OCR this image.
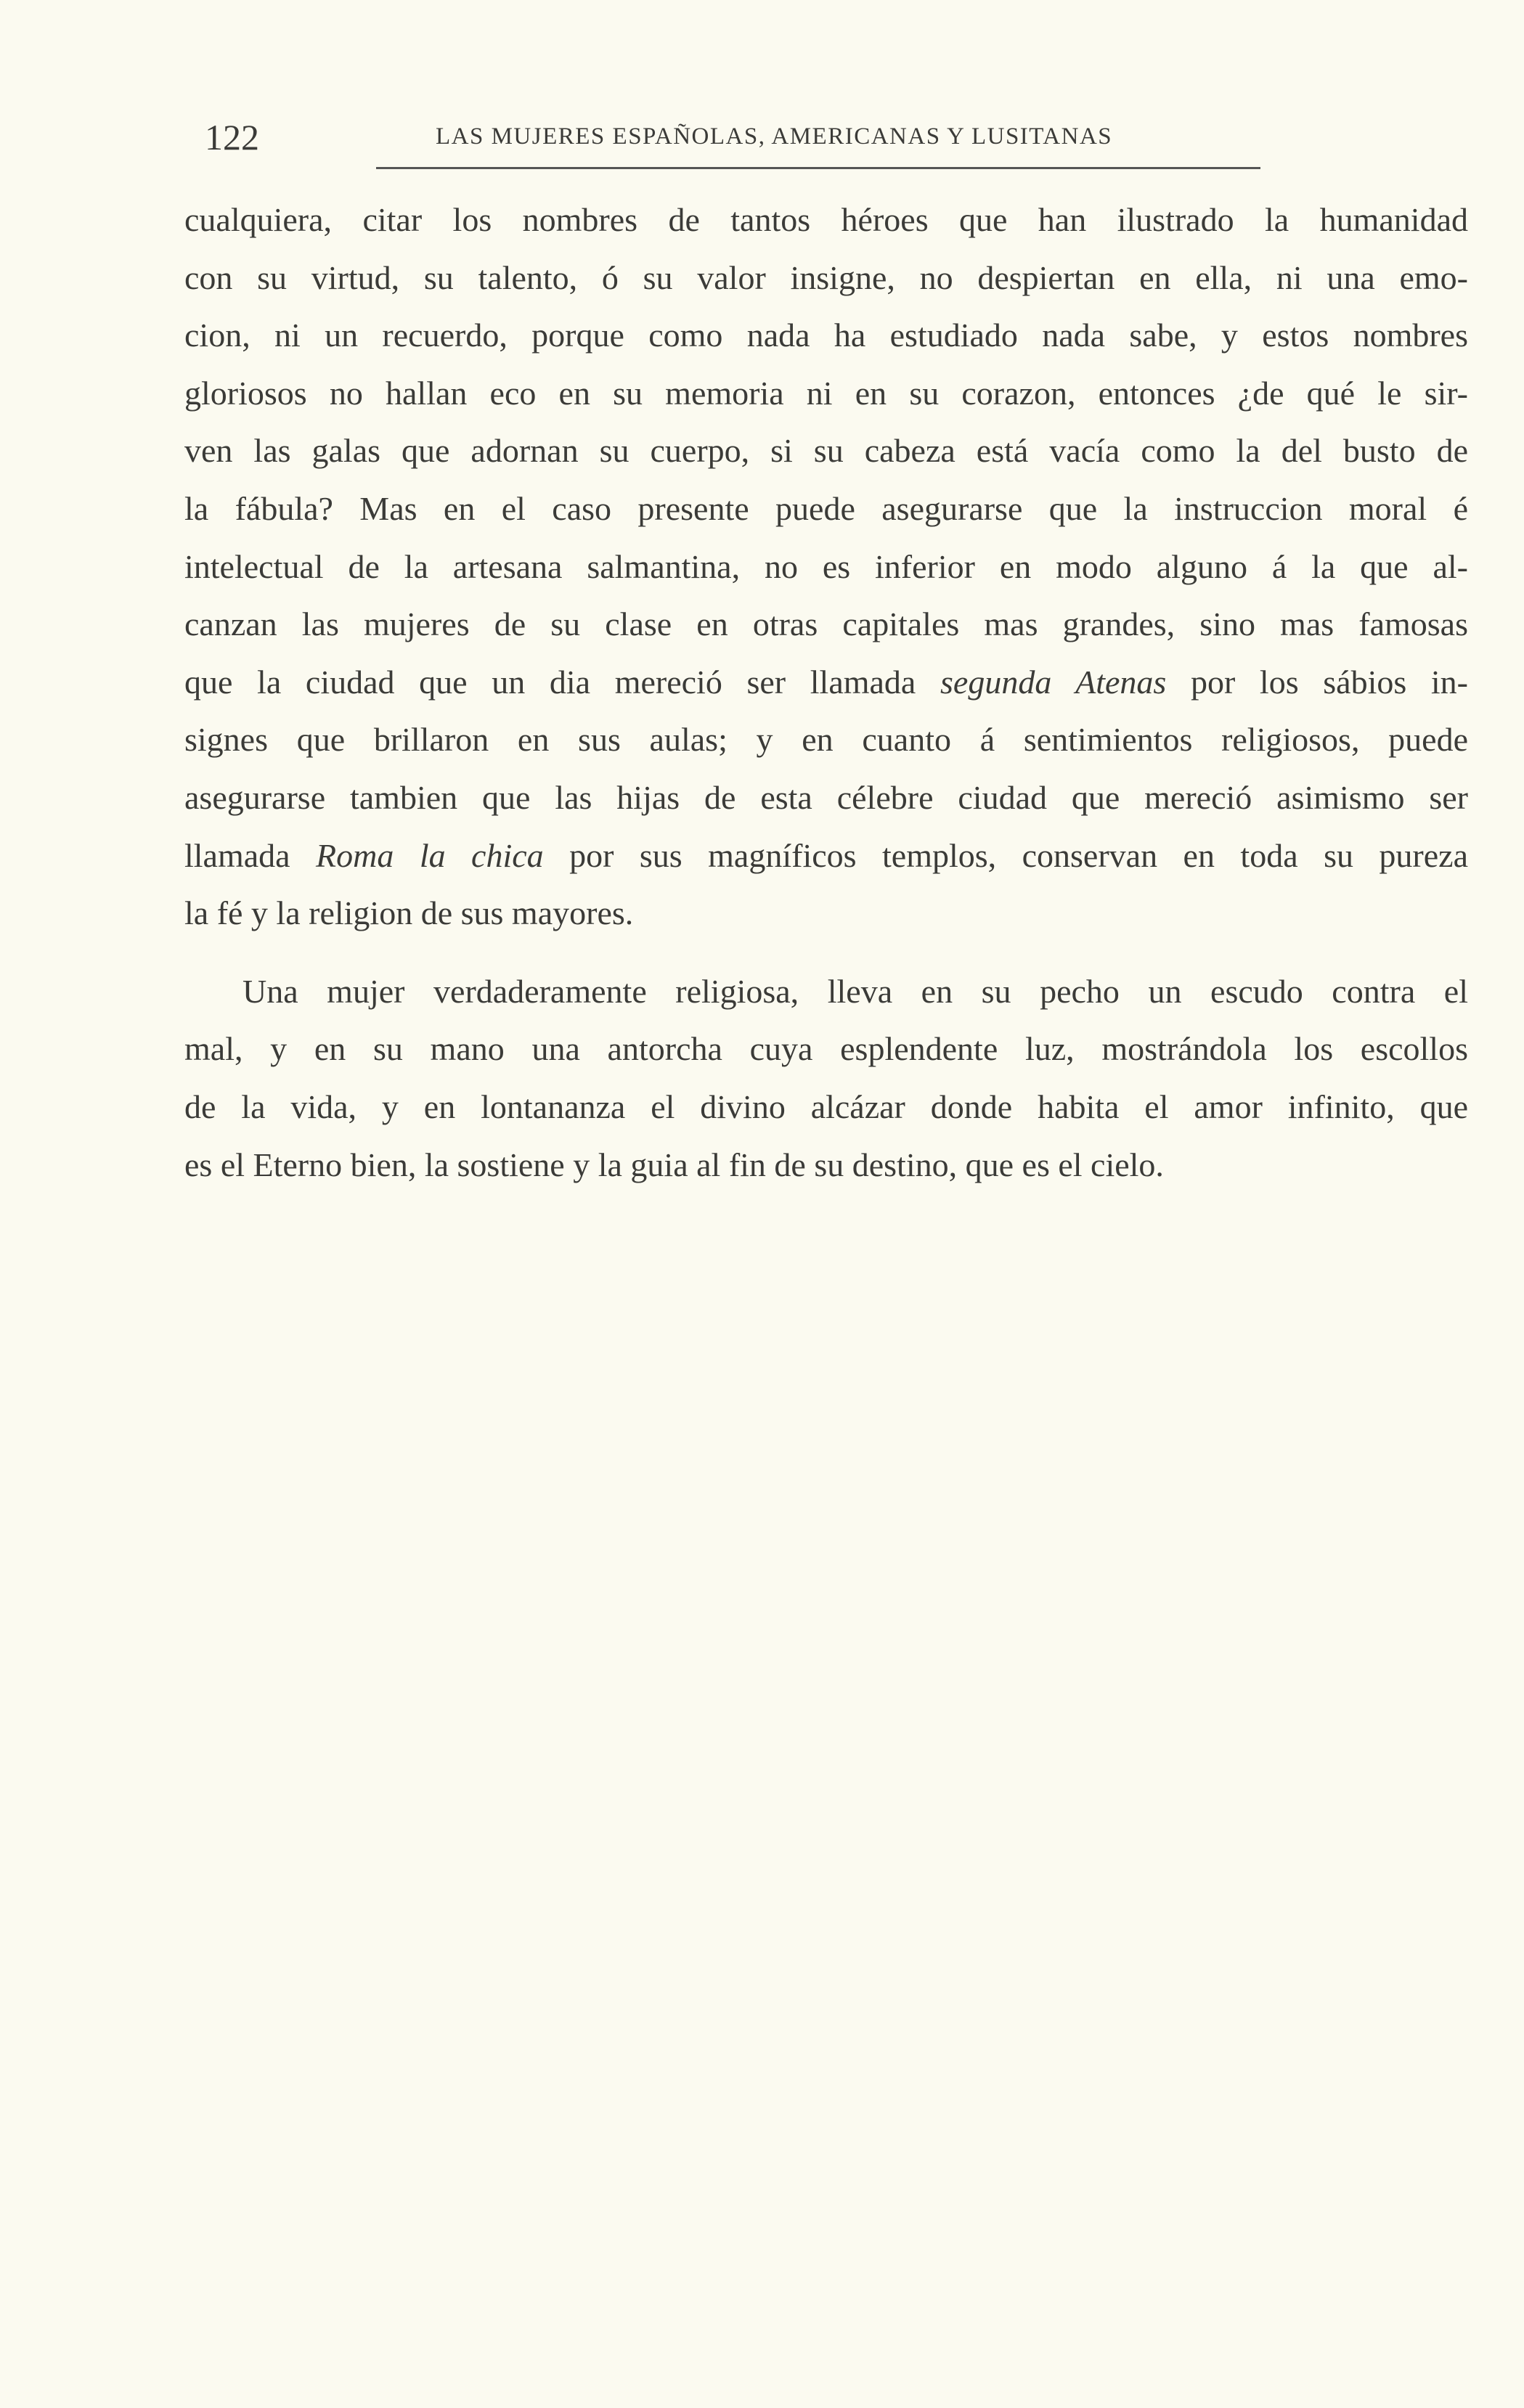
122	LAS MUJERES ESPAÑOLAS, AMERICANAS Y LUSITANAS
cualquiera, citar los nombres de tantos héroes que han ilustrado la humanidad
con su virtud, su talento, ó su valor insigne, no despiertan en ella, ni una emo-
cion, ni un recuerdo, porque como nada ha estudiado nada sabe, y estos nombres
gloriosos no hallan eco en su memoria ni en su corazon, entonces ¿de qué le sir-
ven las galas que adornan su cuerpo, si su cabeza está vacía como la del busto de
la fábula? Mas en el caso presente puede asegurarse que la instruccion moral é
intelectual de la artesana salmantina, no es inferior en modo alguno á la que al-
canzan las mujeres de su clase en otras capitales mas grandes, sino mas famosas
que la ciudad que un dia mereció ser llamada segunda Atenas por los sábios in-
signes que brillaron en sus aulas; y en cuanto á sentimientos religiosos, puede
asegurarse tambien que las hijas de esta célebre ciudad que mereció asimismo ser
llamada Roma la chica por sus magníficos templos, conservan en toda su pureza
la fé y la religion de sus mayores.
Una mujer verdaderamente religiosa, lleva en su pecho un escudo contra el
mal, y en su mano una antorcha cuya esplendente luz, mostrándola los escollos
de la vida, y en lontananza el divino alcázar donde habita el amor infinito, que
es el Eterno bien, la sostiene y la guia al fin de su destino, que es el cielo.
